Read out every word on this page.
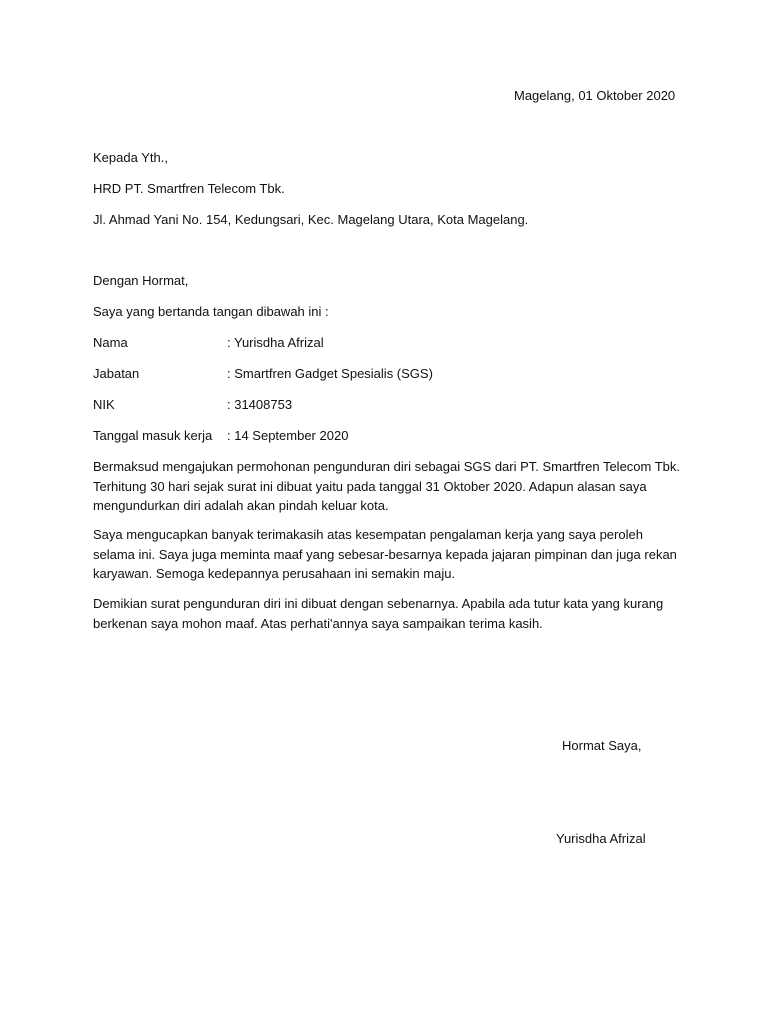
Magelang, 01 Oktober 2020
Kepada Yth.,
HRD PT. Smartfren Telecom Tbk.
Jl. Ahmad Yani No. 154, Kedungsari, Kec. Magelang Utara, Kota Magelang.
Dengan Hormat,
Saya yang bertanda tangan dibawah ini :
Nama	: Yurisdha Afrizal
Jabatan	: Smartfren Gadget Spesialis (SGS)
NIK	: 31408753
Tanggal masuk kerja : 14 September 2020
Bermaksud mengajukan permohonan pengunduran diri sebagai SGS dari PT. Smartfren Telecom Tbk.
Terhitung 30 hari sejak surat ini dibuat yaitu pada tanggal 31 Oktober 2020. Adapun alasan saya
mengundurkan diri adalah akan pindah keluar kota.
Saya mengucapkan banyak terimakasih atas kesempatan pengalaman kerja yang saya peroleh
selama ini. Saya juga meminta maaf yang sebesar-besarnya kepada jajaran pimpinan dan juga rekan
karyawan. Semoga kedepannya perusahaan ini semakin maju.
Demikian surat pengunduran diri ini dibuat dengan sebenarnya. Apabila ada tutur kata yang kurang
berkenan saya mohon maaf. Atas perhati'annya saya sampaikan terima kasih.
Hormat Saya,
Yurisdha Afrizal
